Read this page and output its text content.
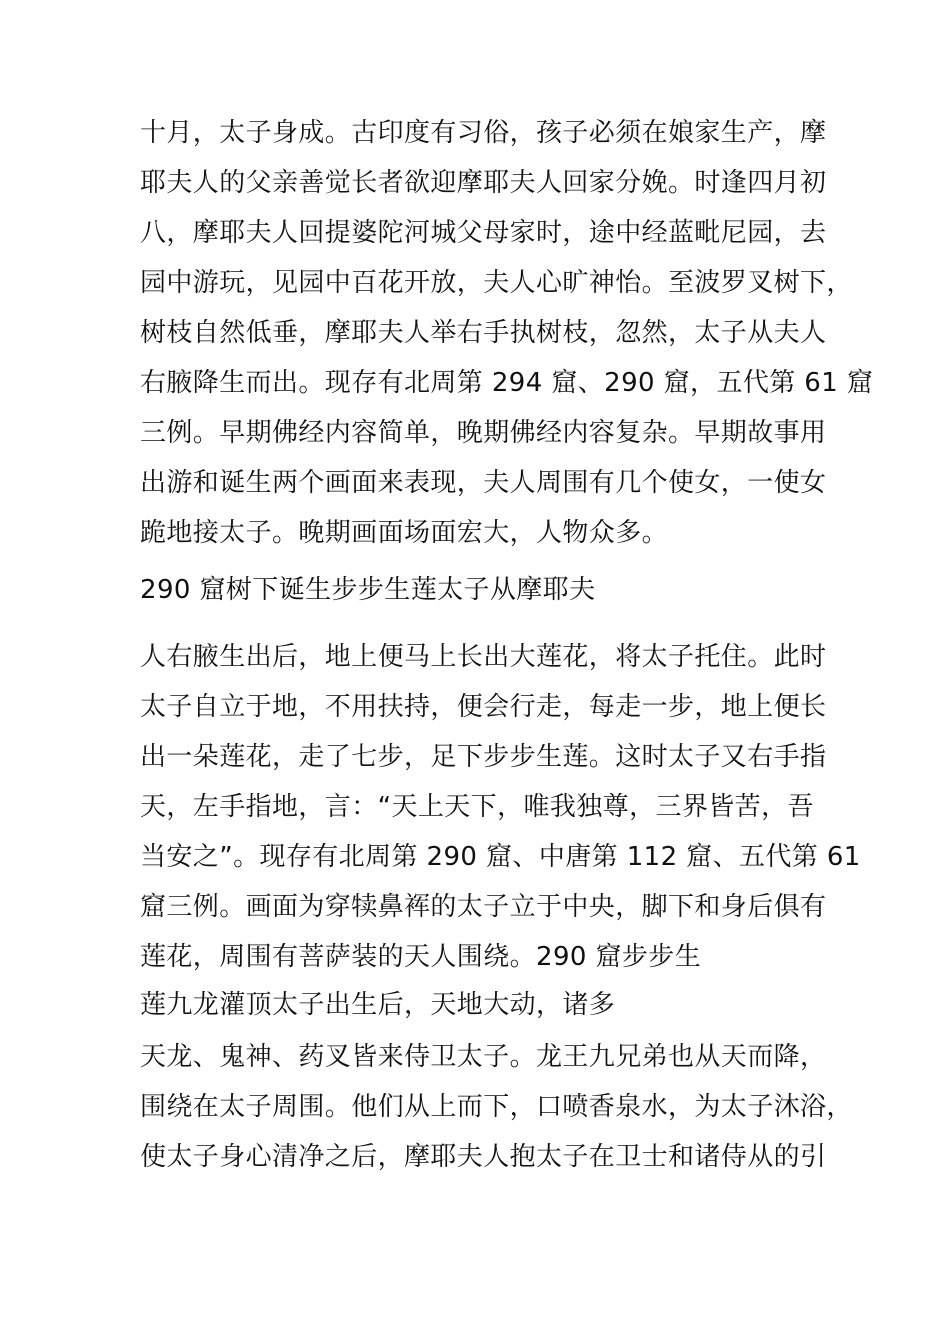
十月，太子身成。古印度有习俗，孩子必须在娘家生产，摩
耶夫人的父亲善觉长者欲迎摩耶夫人回家分娩。时逢四月初
八，摩耶夫人回提婆陀河城父母家时，途中经蓝毗尼园，去
园中游玩，见园中百花开放，夫人心旷神怡。至波罗叉树下，
树枝自然低垂，摩耶夫人举右手执树枝，忽然，太子从夫人
右腋降生而出。现存有北周第 294 窟、290 窟，五代第 61 窟
三例。早期佛经内容简单，晚期佛经内容复杂。早期故事用
出游和诞生两个画面来表现，夫人周围有几个使女，一使女
跪地接太子。晚期画面场面宏大，人物众多。
290 窟树下诞生步步生莲太子从摩耶夫
人右腋生出后，地上便马上长出大莲花，将太子托住。此时
太子自立于地，不用扶持，便会行走，每走一步，地上便长
出一朵莲花，走了七步，足下步步生莲。这时太子又右手指
天，左手指地，言：“天上天下，唯我独尊，三界皆苦，吾
当安之”。现存有北周第 290 窟、中唐第 112 窟、五代第 61
窟三例。画面为穿犊鼻裈的太子立于中央，脚下和身后俱有
莲花，周围有菩萨装的天人围绕。290 窟步步生
莲九龙灌顶太子出生后，天地大动，诸多
天龙、鬼神、药叉皆来侍卫太子。龙王九兄弟也从天而降，
围绕在太子周围。他们从上而下，口喷香泉水，为太子沐浴，
使太子身心清净之后，摩耶夫人抱太子在卫士和诸侍从的引
